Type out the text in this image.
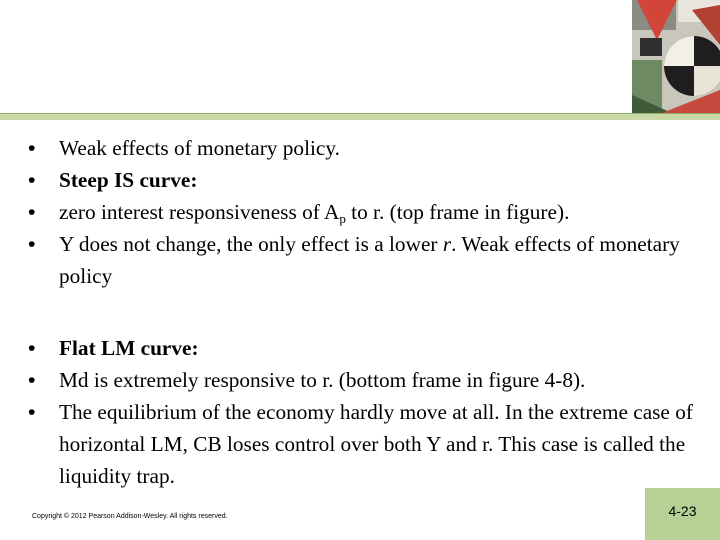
•	Weak effects of monetary policy.
•	Steep IS curve:
•	zero interest responsiveness of $A_p$ to r. (top frame in figure).
•	Y does not change, the only effect is a lower r. Weak effects of monetary policy
•	Flat LM curve:
•	Md is extremely responsive to r. (bottom frame in figure 4-8).
•	The equilibrium of the economy hardly move at all. In the extreme case of horizontal LM, CB loses control over both Y and r. This case is called the liquidity trap.
Copyright © 2012 Pearson Addison-Wesley. All rights reserved.	4-23
